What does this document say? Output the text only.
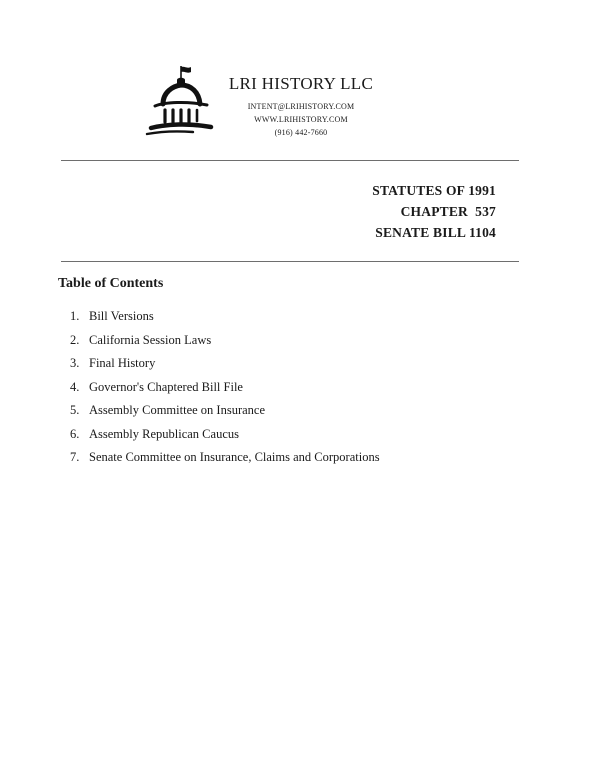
LRI HISTORY LLC
INTENT@LRIHISTORY.COM
WWW.LRIHISTORY.COM
(916) 442-7660
STATUTES OF 1991
CHAPTER  537
SENATE BILL 1104
Table of Contents
1. Bill Versions
2. California Session Laws
3. Final History
4. Governor's Chaptered Bill File
5. Assembly Committee on Insurance
6. Assembly Republican Caucus
7. Senate Committee on Insurance, Claims and Corporations
